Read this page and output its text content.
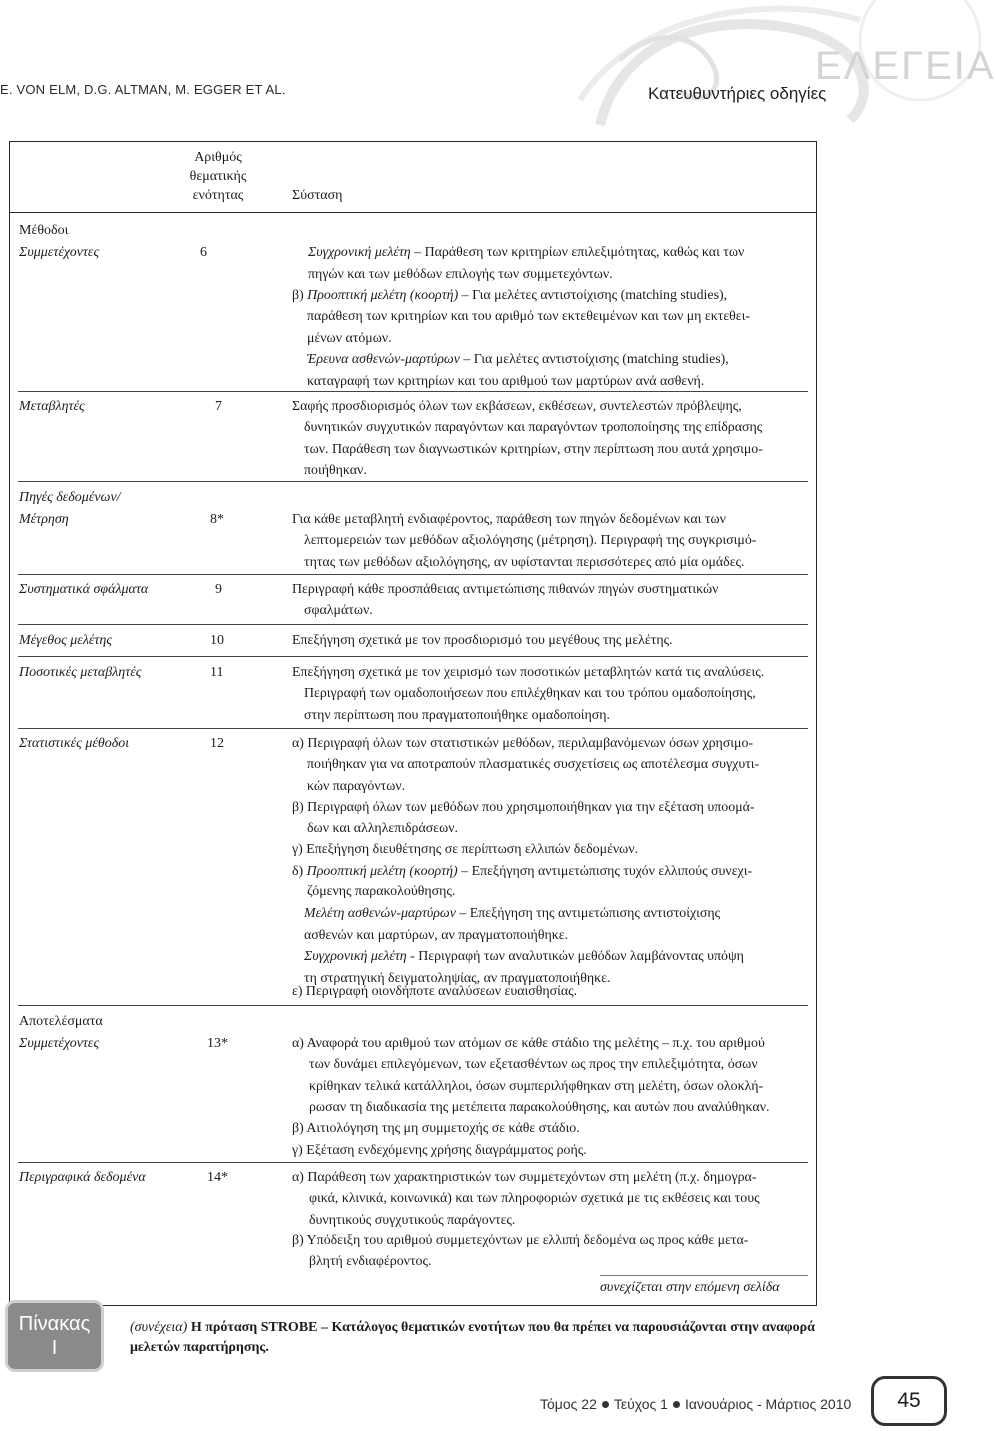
ΕΛΕΓΕΙΑ
E. VON ELM, D.G. ALTMAN, M. EGGER ET AL.	Κατευθυντήριες οδηγίες
Αριθμός
θεματικής
ενότητας	Σύσταση
Μέθοδοι
Συμμετέχοντες	6	Συγχρονική μελέτη – Παράθεση των κριτηρίων επιλεξιμότητας, καθώς και των
πηγών και των μεθόδων επιλογής των συμμετεχόντων.
β) Προοπτική μελέτη (κοορτή) – Για μελέτες αντιστοίχισης (matching studies),
παράθεση των κριτηρίων και του αριθμό των εκτεθειμένων και των μη εκτεθει-
μένων ατόμων.
Έρευνα ασθενών-μαρτύρων – Για μελέτες αντιστοίχισης (matching studies),
καταγραφή των κριτηρίων και του αριθμού των μαρτύρων ανά ασθενή.
Μεταβλητές	7	Σαφής προσδιορισμός όλων των εκβάσεων, εκθέσεων, συντελεστών πρόβλεψης,
δυνητικών συγχυτικών παραγόντων και παραγόντων τροποποίησης της επίδρασης
των. Παράθεση των διαγνωστικών κριτηρίων, στην περίπτωση που αυτά χρησιμο-
ποιήθηκαν.
Πηγές δεδομένων/
Μέτρηση	8*	Για κάθε μεταβλητή ενδιαφέροντος, παράθεση των πηγών δεδομένων και των
λεπτομερειών των μεθόδων αξιολόγησης (μέτρηση). Περιγραφή της συγκρισιμό-
τητας των μεθόδων αξιολόγησης, αν υφίστανται περισσότερες από μία ομάδες.
Συστηματικά σφάλματα	9	Περιγραφή κάθε προσπάθειας αντιμετώπισης πιθανών πηγών συστηματικών
σφαλμάτων.
Μέγεθος μελέτης	10	Επεξήγηση σχετικά με τον προσδιορισμό του μεγέθους της μελέτης.
Ποσοτικές μεταβλητές	11	Επεξήγηση σχετικά με τον χειρισμό των ποσοτικών μεταβλητών κατά τις αναλύσεις.
Περιγραφή των ομαδοποιήσεων που επιλέχθηκαν και του τρόπου ομαδοποίησης,
στην περίπτωση που πραγματοποιήθηκε ομαδοποίηση.
Στατιστικές μέθοδοι	12	α) Περιγραφή όλων των στατιστικών μεθόδων, περιλαμβανόμενων όσων χρησιμο-
ποιήθηκαν για να αποτραπούν πλασματικές συσχετίσεις ως αποτέλεσμα συγχυτι-
κών παραγόντων.
β) Περιγραφή όλων των μεθόδων που χρησιμοποιήθηκαν για την εξέταση υποομά-
δων και αλληλεπιδράσεων.
γ) Επεξήγηση διευθέτησης σε περίπτωση ελλιπών δεδομένων.
δ) Προοπτική μελέτη (κοορτή) – Επεξήγηση αντιμετώπισης τυχόν ελλιπούς συνεχι-
ζόμενης παρακολούθησης.
Μελέτη ασθενών-μαρτύρων – Επεξήγηση της αντιμετώπισης αντιστοίχισης
ασθενών και μαρτύρων, αν πραγματοποιήθηκε.
Συγχρονική μελέτη - Περιγραφή των αναλυτικών μεθόδων λαμβάνοντας υπόψη
τη στρατηγική δειγματοληψίας, αν πραγματοποιήθηκε.
ε) Περιγραφή οιονδήποτε αναλύσεων ευαισθησίας.
Αποτελέσματα
Συμμετέχοντες	13*	α) Αναφορά του αριθμού των ατόμων σε κάθε στάδιο της μελέτης – π.χ. του αριθμού
των δυνάμει επιλεγόμενων, των εξετασθέντων ως προς την επιλεξιμότητα, όσων
κρίθηκαν τελικά κατάλληλοι, όσων συμπεριλήφθηκαν στη μελέτη, όσων ολοκλή-
ρωσαν τη διαδικασία της μετέπειτα παρακολούθησης, και αυτών που αναλύθηκαν.
β) Αιτιολόγηση της μη συμμετοχής σε κάθε στάδιο.
γ) Εξέταση ενδεχόμενης χρήσης διαγράμματος ροής.
Περιγραφικά δεδομένα	14*	α) Παράθεση των χαρακτηριστικών των συμμετεχόντων στη μελέτη (π.χ. δημογρα-
φικά, κλινικά, κοινωνικά) και των πληροφοριών σχετικά με τις εκθέσεις και τους
δυνητικούς συγχυτικούς παράγοντες.
β) Υπόδειξη του αριθμού συμμετεχόντων με ελλιπή δεδομένα ως προς κάθε μετα-
βλητή ενδιαφέροντος.
συνεχίζεται στην επόμενη σελίδα
Πίνακας
I
(συνέχεια) Η πρόταση STROBE – Κατάλογος θεματικών ενοτήτων που θα πρέπει να παρουσιάζονται στην αναφορά μελετών παρατήρησης.
Τόμος 22 Τεύχος 1 Ιανουάριος - Μάρτιος 2010	45
